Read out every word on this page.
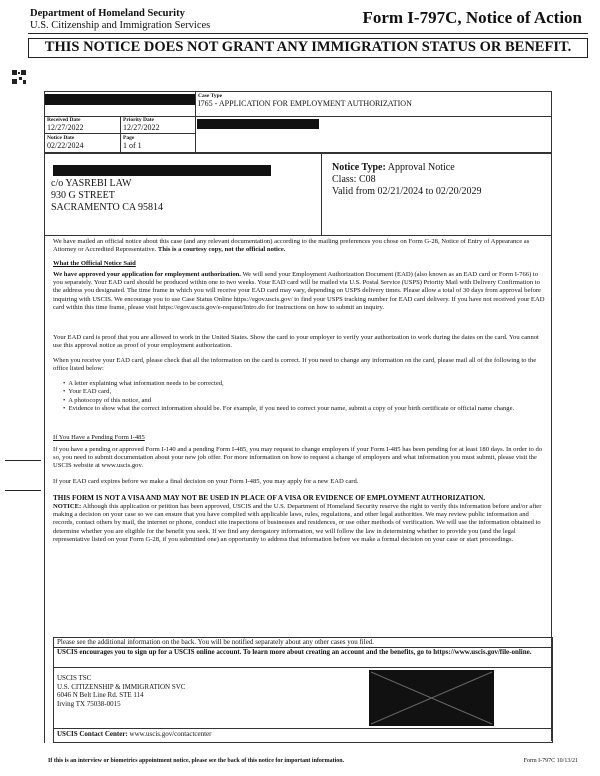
Department of Homeland Security
U.S. Citizenship and Immigration Services	Form I-797C, Notice of Action
THIS NOTICE DOES NOT GRANT ANY IMMIGRATION STATUS OR BENEFIT.
Case Type
I765 - APPLICATION FOR EMPLOYMENT AUTHORIZATION
Received Date
12/27/2022
Priority Date
12/27/2022
Notice Date
02/22/2024
Page
1 of 1
c/o YASREBI LAW
930 G STREET
SACRAMENTO CA 95814
Notice Type: Approval Notice
Class: C08
Valid from 02/21/2024 to 02/20/2029

We have mailed an official notice about this case (and any relevant documentation) according to the mailing preferences you chose on Form G-28, Notice of Entry of Appearance as Attorney or Accredited Representative. This is a courtesy copy, not the official notice.

What the Official Notice Said

We have approved your application for employment authorization. We will send your Employment Authorization Document (EAD) (also known as an EAD card or Form I-766) to you separately. Your EAD card should be produced within one to two weeks. Your EAD card will be mailed via U.S. Postal Service (USPS) Priority Mail with Delivery Confirmation to the address you designated. The time frame in which you will receive your EAD card may vary, depending on USPS delivery times. Please allow a total of 30 days from approval before inquiring with USCIS. We encourage you to use Case Status Online https://egov.uscis.gov/ to find your USPS tracking number for EAD card delivery. If you have not received your EAD card within this time frame, please visit https://egov.uscis.gov/e-request/Intro.do for instructions on how to submit an inquiry.

Your EAD card is proof that you are allowed to work in the United States. Show the card to your employer to verify your authorization to work during the dates on the card. You cannot use this approval notice as proof of your employment authorization.
When you receive your EAD card, please check that all the information on the card is correct. If you need to change any information on the card, please mail all of the following to the office listed below:
•  A letter explaining what information needs to be corrected,
•  Your EAD card,
•  A photocopy of this notice, and
•  Evidence to show what the correct information should be. For example, if you need to correct your name, submit a copy of your birth certificate or official name change.
If You Have a Pending Form I-485
If you have a pending or approved Form I-140 and a pending Form I-485, you may request to change employers if your Form I-485 has been pending for at least 180 days. In order to do so, you need to submit documentation about your new job offer. For more information on how to request a change of employers and what information you must submit, please visit the USCIS website at www.uscis.gov.
If your EAD card expires before we make a final decision on your Form I-485, you may apply for a new EAD card.
THIS FORM IS NOT A VISA AND MAY NOT BE USED IN PLACE OF A VISA OR EVIDENCE OF EMPLOYMENT AUTHORIZATION.

NOTICE: Although this application or petition has been approved, USCIS and the U.S. Department of Homeland Security reserve the right to verify this information before and/or after making a decision on your case so we can ensure that you have complied with applicable laws, rules, regulations, and other legal authorities. We may review public information and records, contact others by mail, the internet or phone, conduct site inspections of businesses and residences, or use other methods of verification. We will use the information obtained to determine whether you are eligible for the benefit you seek. If we find any derogatory information, we will follow the law in determining whether to provide you (and the legal representative listed on your Form G-28, if you submitted one) an opportunity to address that information before we make a formal decision on your case or start proceedings.

Please see the additional information on the back. You will be notified separately about any other cases you filed.
USCIS encourages you to sign up for a USCIS online account. To learn more about creating an account and the benefits, go to https://www.uscis.gov/file-online.
USCIS TSC
U.S. CITIZENSHIP & IMMIGRATION SVC
6046 N Belt Line Rd. STE 114
Irving TX 75038-0015
USCIS Contact Center: www.uscis.gov/contactcenter
If this is an interview or biometrics appointment notice, please see the back of this notice for important information.	Form I-797C 10/13/21
